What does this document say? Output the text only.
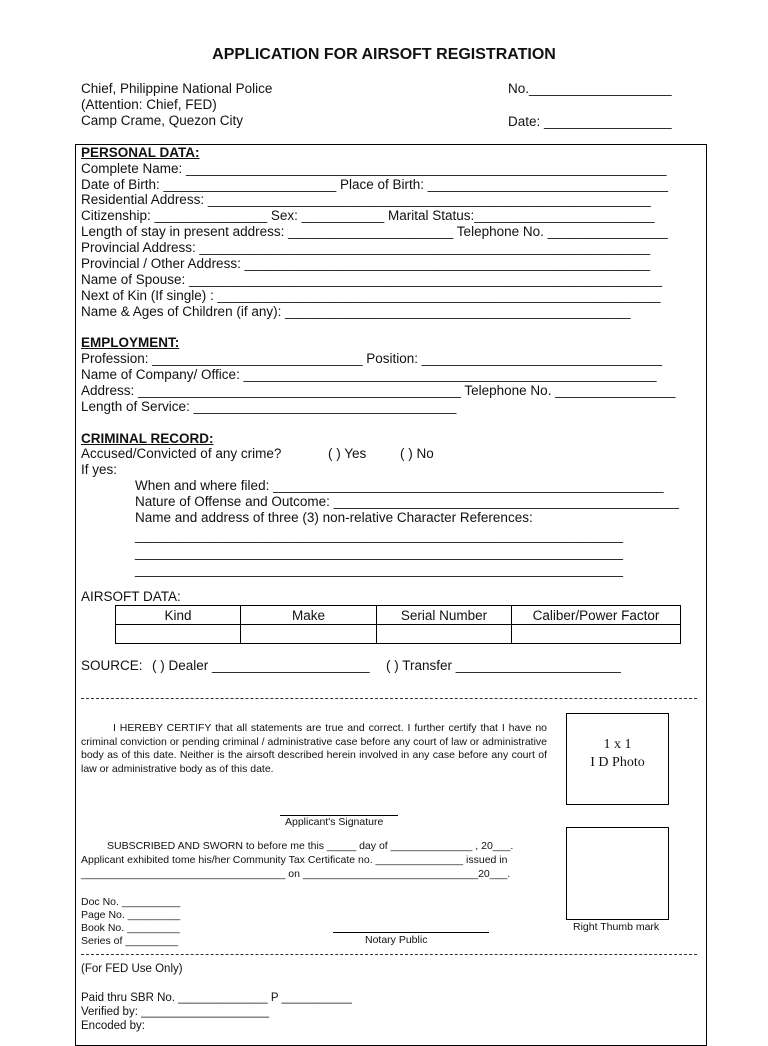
APPLICATION FOR AIRSOFT REGISTRATION
Chief, Philippine National Police
(Attention: Chief, FED)
Camp Crame, Quezon City
No.___________________
Date: _________________
PERSONAL DATA:
Complete Name: ________________________________________________________________
Date of Birth: _______________________ Place of Birth: ________________________________
Residential Address: ___________________________________________________________
Citizenship: _______________ Sex: ___________ Marital Status:________________________
Length of stay in present address: ______________________ Telephone No. ________________
Provincial Address: ____________________________________________________________
Provincial / Other Address: ______________________________________________________
Name of Spouse: _______________________________________________________________
Next of Kin (If single) : ___________________________________________________________
Name & Ages of Children (if any): ______________________________________________
EMPLOYMENT:
Profession: ____________________________ Position: ________________________________
Name of Company/ Office: _______________________________________________________
Address: ___________________________________________ Telephone No. ________________
Length of Service: ___________________________________
CRIMINAL RECORD:
Accused/Convicted of any crime?	( ) Yes ( ) No
If yes:
When and where filed: ____________________________________________________
Nature of Offense and Outcome: ______________________________________________
Name and address of three (3) non-relative Character References:
_________________________________________________________________
_________________________________________________________________
_________________________________________________________________
AIRSOFT DATA:
Kind	Make	Serial Number	Caliber/Power Factor

SOURCE: ( ) Dealer _____________________ ( ) Transfer ______________________
I HEREBY CERTIFY that all statements are true and correct. I further certify that I have no criminal conviction or pending criminal / administrative case before any court of law or administrative body as of this date. Neither is the airsoft described herein involved in any case before any court of law or administrative body as of this date.
1 x 1
I D Photo
Applicant's Signature
SUBSCRIBED AND SWORN to before me this _____ day of ______________ , 20___.
Applicant exhibited tome his/her Community Tax Certificate no. _______________ issued in
___________________________________ on ______________________________20___.
Right Thumb mark
Doc No. __________
Page No. _________
Book No. _________
Series of _________	Notary Public
(For FED Use Only)
Paid thru SBR No. ______________ P ___________
Verified by: ____________________
Encoded by:
